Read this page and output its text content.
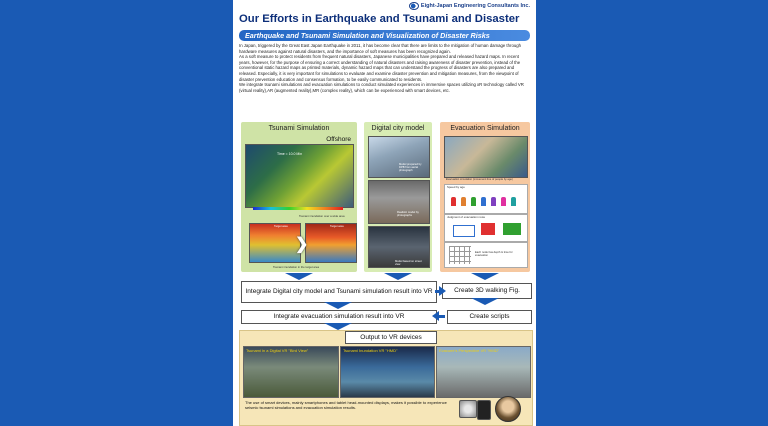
Eight-Japan Engineering Consultants Inc.
Our Efforts in Earthquake and Tsunami and Disaster
Earthquake and Tsunami Simulation and Visualization of Disaster Risks

In Japan, triggered by the Great East Japan Earthquake in 2011, it has become clear that there are limits to the mitigation of human damage through hardware measures against natural disasters, and the importance of soft measures has been recognized again.

As a soft measure to protect residents from frequent natural disasters, Japanese municipalities have prepared and released hazard maps. In recent years, however, for the purpose of ensuring a correct understanding of natural disasters and raising awareness of disaster prevention, instead of the conventional static hazard maps as printed materials, dynamic hazard maps that can understand the progress of disasters are also prepared and released. Especially, it is very important for simulations to evaluate and examine disaster prevention and mitigation measures, from the viewpoint of disaster prevention education and consensus formation, to be easily communicated to residents.

We integrate tsunami simulations and evacuation simulations to conduct simulated experiences in immersive spaces utilizing xR technology called VR (virtual reality),AR (augmented reality),MR (complex reality), which can be experienced with smart devices, etc.

Tsunami Simulation
Offshore
Time = 10.0 Min
Tsunami inundation over a wide area
Target area	Target area
❯
Tsunami inundation in the target area
Digital city model
Model prepared by DPB from aerial photograph
Realistic model by photographs
Model based on street view
Evacuation Simulation
Evacuation simulation (movement line of people by age)
Speed by age
Judgment of evacuation route
Each node has depth & time for evacuation
Integrate Digital city model and Tsunami simulation result into VR	Create 3D walking Fig.
Integrate evacuation simulation result into VR	Create scripts
Output to VR devices
Tsunami in a Digital VR "Bird View"	Tsunami Inundation VR "HMD"	Evacuee's Perspective VR "HMD"
The use of smart devices, mainly smartphones and tablet head-mounted displays, makes it possible to experience seismic tsunami simulations and evacuation simulation results.
